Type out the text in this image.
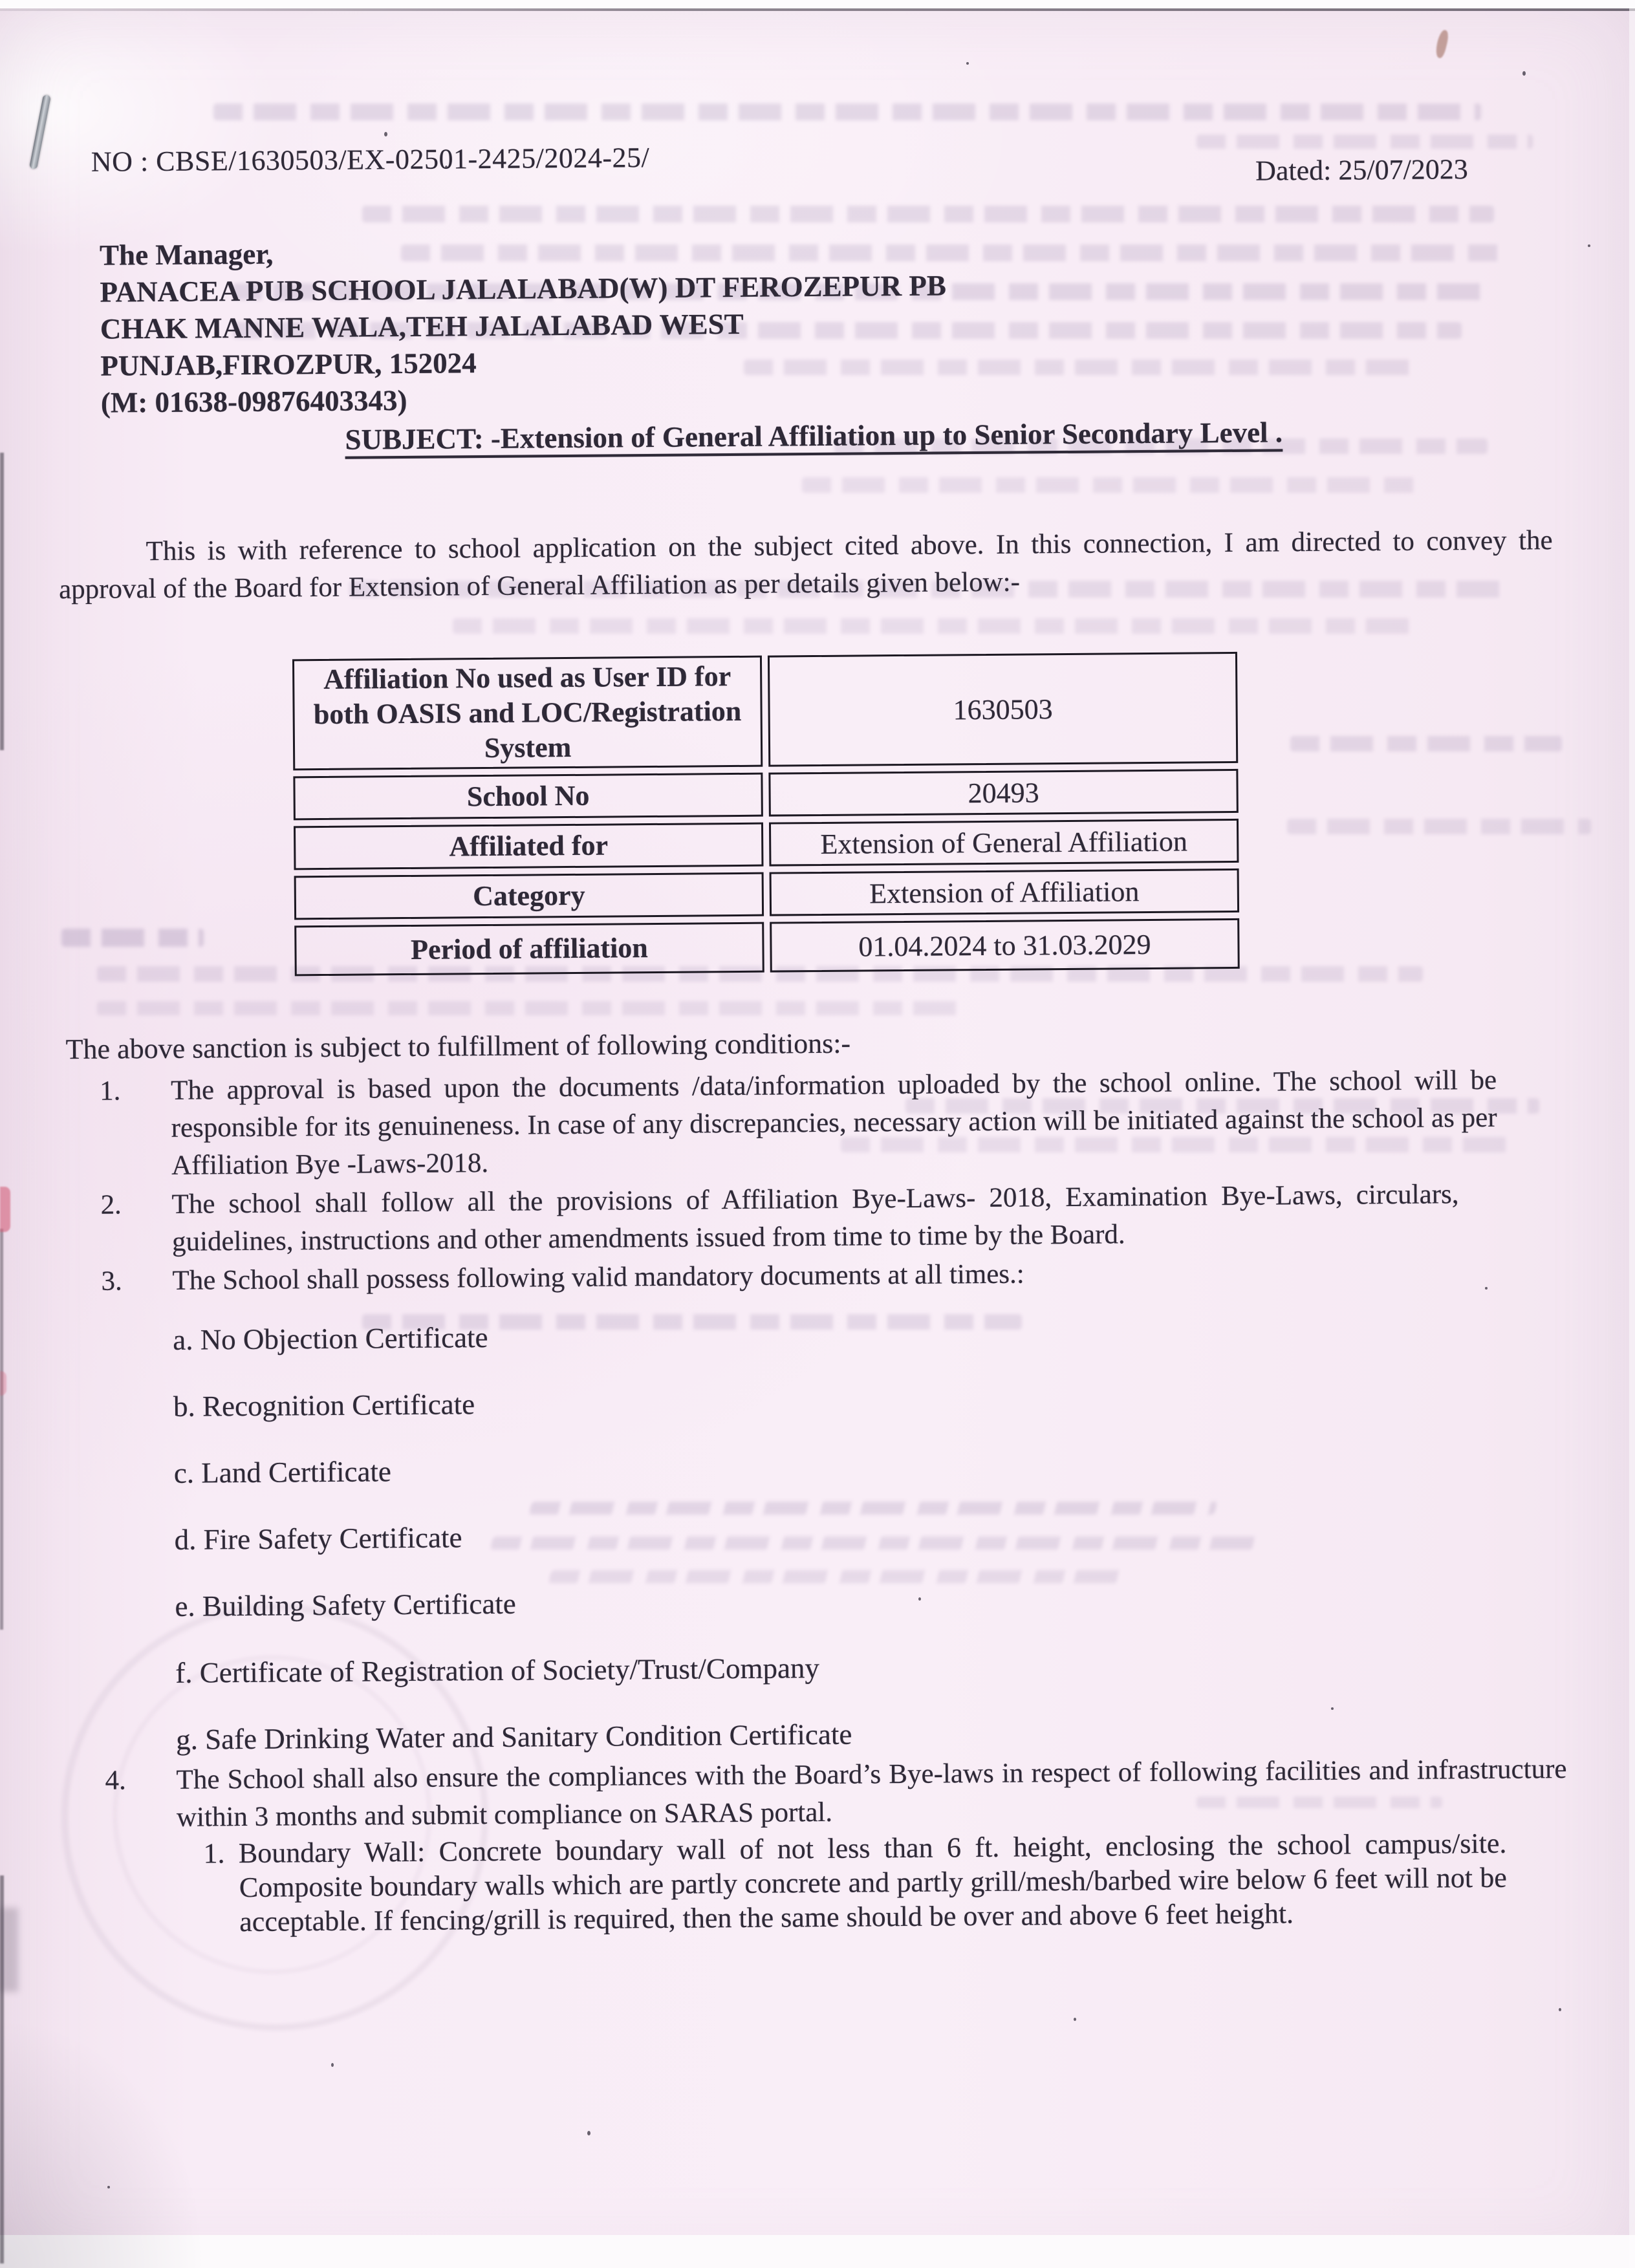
NO : CBSE/1630503/EX-02501-2425/2024-25/	Dated: 25/07/2023
The Manager,
PANACEA PUB SCHOOL JALALABAD(W) DT FEROZEPUR PB
CHAK MANNE WALA,TEH JALALABAD WEST
PUNJAB,FIROZPUR, 152024
(M: 01638-09876403343)
SUBJECT: -Extension of General Affiliation up to Senior Secondary Level .
This is with reference to school application on the subject cited above. In this connection, I am directed to convey the approval of the Board for Extension of General Affiliation as per details given below:-
Affiliation No used as User ID for both OASIS and LOC/Registration System	1630503
School No	20493
Affiliated for	Extension of General Affiliation
Category	Extension of Affiliation
Period of affiliation	01.04.2024 to 31.03.2029
The above sanction is subject to fulfillment of following conditions:-
1.	The approval is based upon the documents /data/information uploaded by the school online. The school will be responsible for its genuineness. In case of any discrepancies, necessary action will be initiated against the school as per Affiliation Bye -Laws-2018.
2.	The school shall follow all the provisions of Affiliation Bye-Laws- 2018, Examination Bye-Laws, circulars, guidelines, instructions and other amendments issued from time to time by the Board.
3.	The School shall possess following valid mandatory documents at all times.:
a. No Objection Certificate
b. Recognition Certificate
c. Land Certificate
d. Fire Safety Certificate
e. Building Safety Certificate
f. Certificate of Registration of Society/Trust/Company
g. Safe Drinking Water and Sanitary Condition Certificate
4.	The School shall also ensure the compliances with the Board’s Bye-laws in respect of following facilities and infrastructure within 3 months and submit compliance on SARAS portal.
1. Boundary Wall: Concrete boundary wall of not less than 6 ft. height, enclosing the school campus/site. Composite boundary walls which are partly concrete and partly grill/mesh/barbed wire below 6 feet will not be acceptable. If fencing/grill is required, then the same should be over and above 6 feet height.
